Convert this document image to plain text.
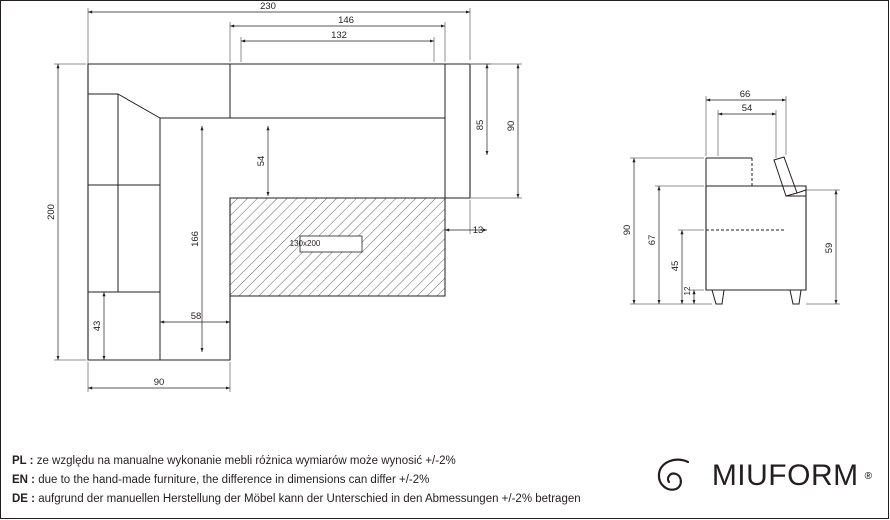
230
146
132
90
58
130x200
13
200
166
54
85 90
43
66
54
90
67
45
12
59
PL : ze względu na manualne wykonanie mebli różnica wymiarów może wynosić +/-2%
EN : due to the hand-made furniture, the difference in dimensions can differ +/-2%
DE : aufgrund der manuellen Herstellung der Möbel kann der Unterschied in den Abmessungen +/-2% betragen
MIUFORM ®
